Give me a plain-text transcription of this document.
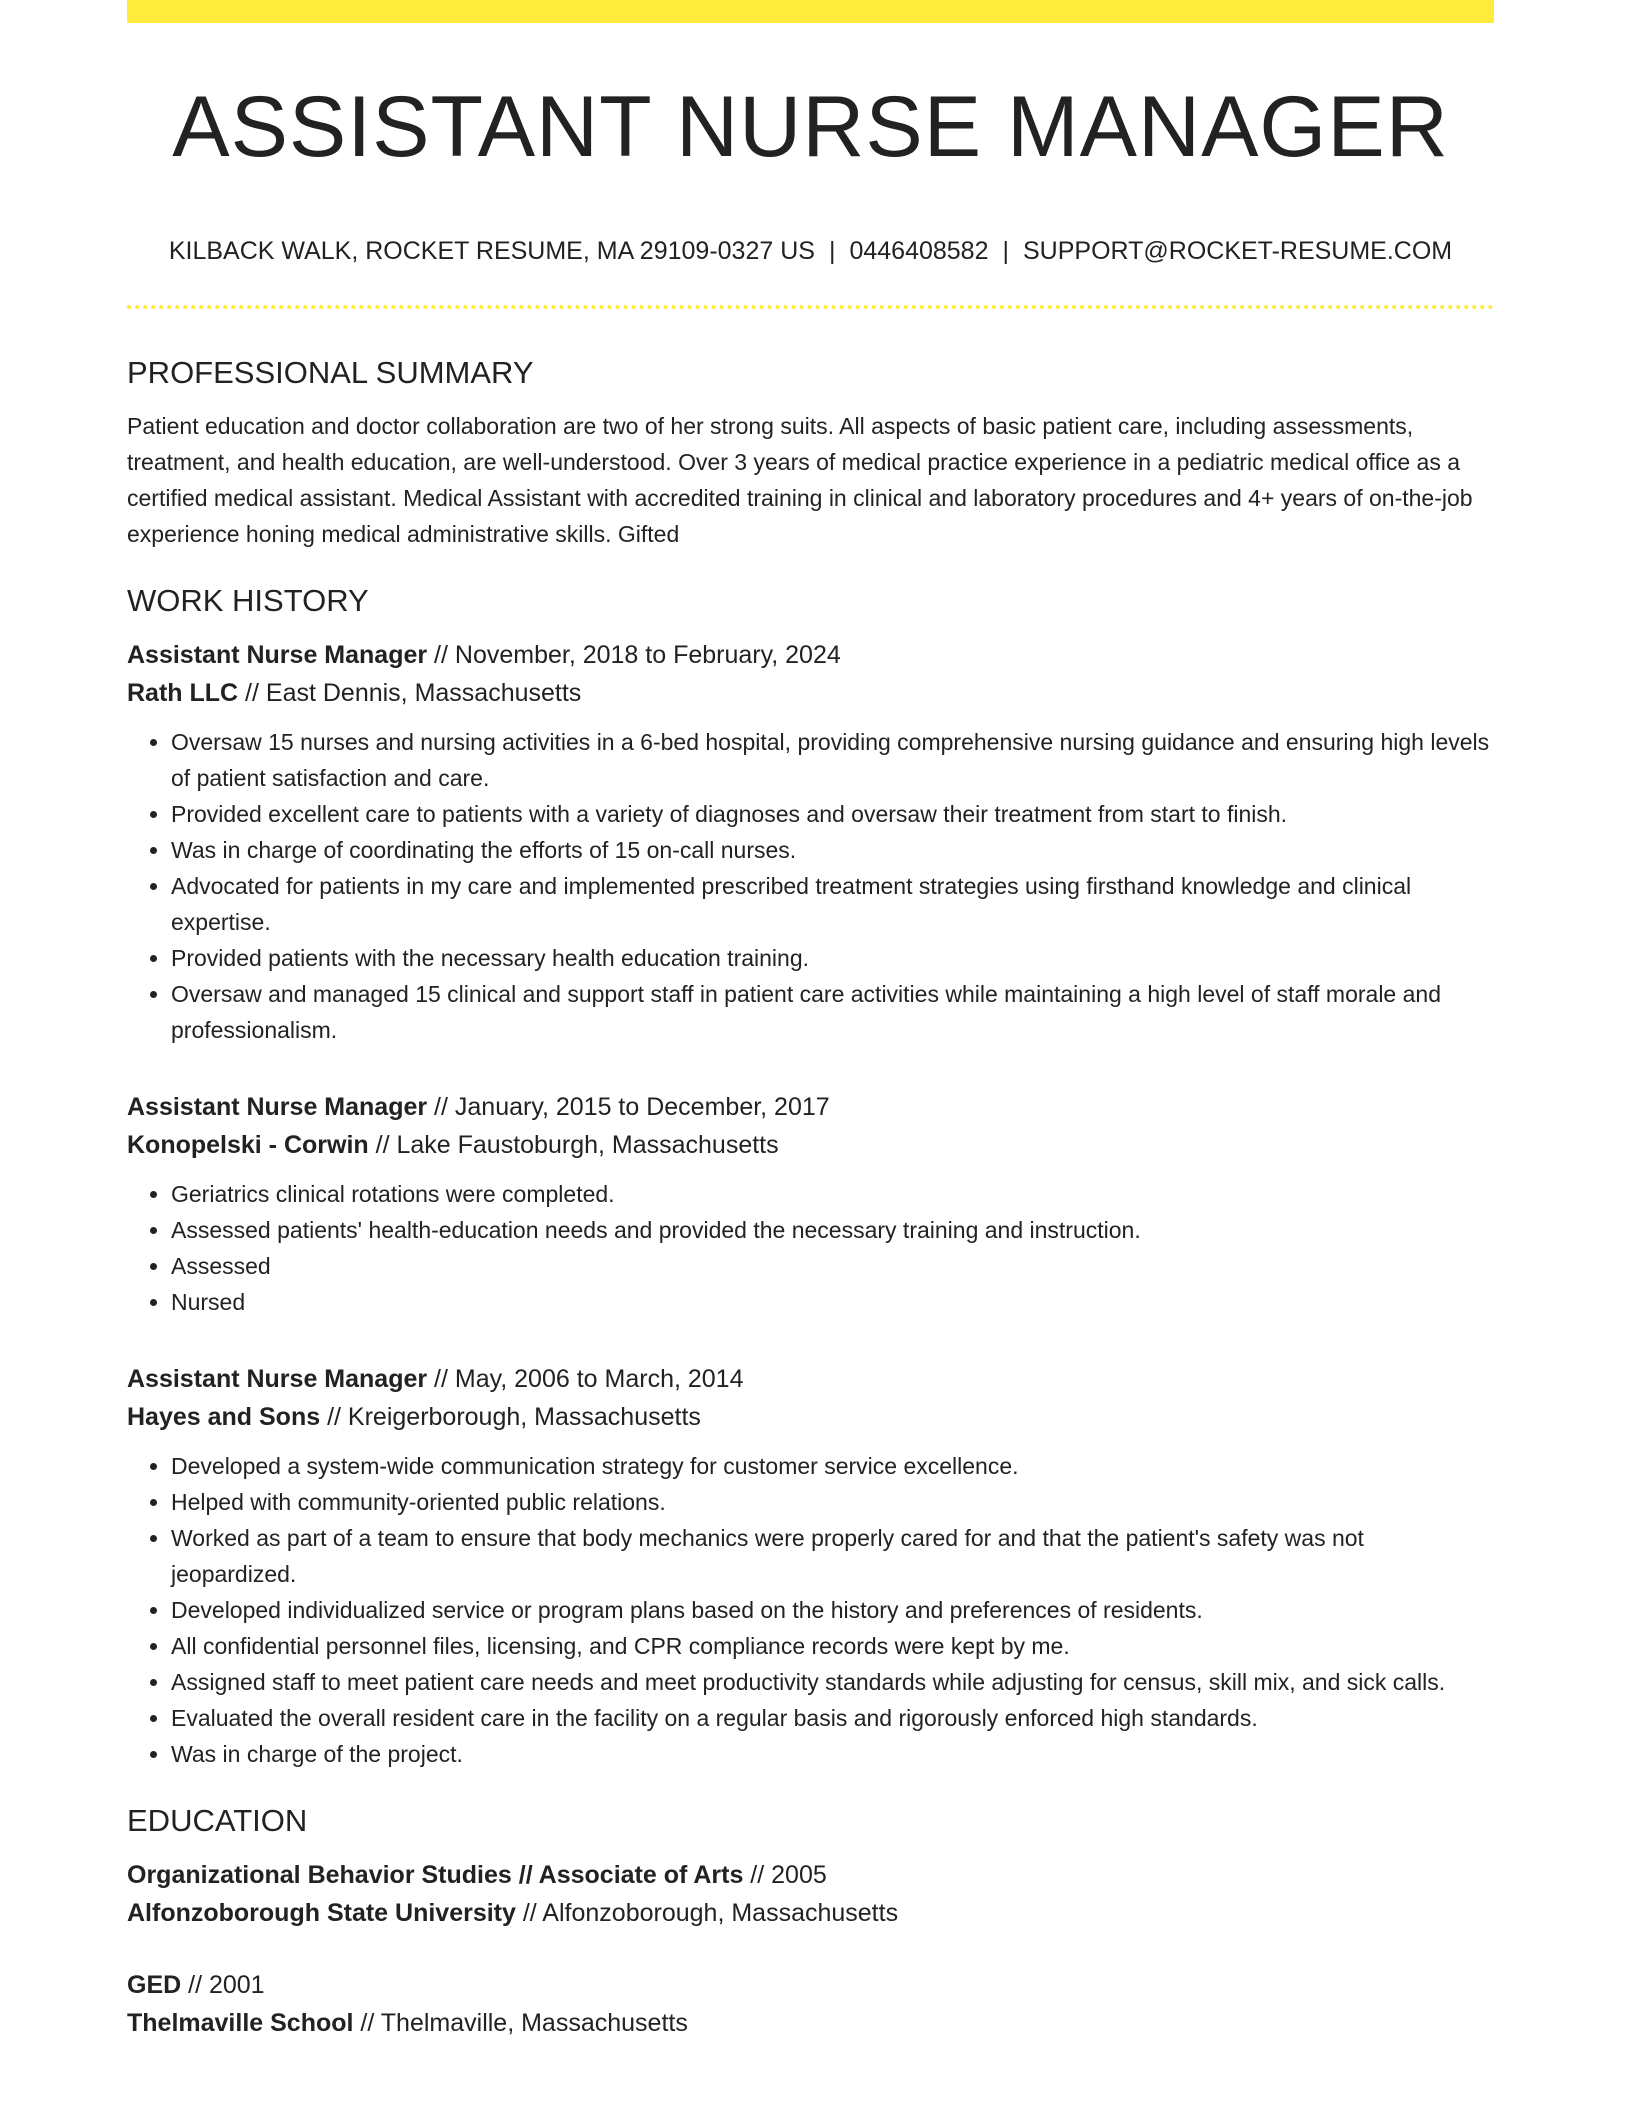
ASSISTANT NURSE MANAGER
KILBACK WALK, ROCKET RESUME, MA 29109-0327 US | 0446408582 | SUPPORT@ROCKET-RESUME.COM
PROFESSIONAL SUMMARY

Patient education and doctor collaboration are two of her strong suits. All aspects of basic patient care, including assessments, treatment, and health education, are well-understood. Over 3 years of medical practice experience in a pediatric medical office as a certified medical assistant. Medical Assistant with accredited training in clinical and laboratory procedures and 4+ years of on-the-job experience honing medical administrative skills. Gifted

WORK HISTORY
Assistant Nurse Manager // November, 2018 to February, 2024
Rath LLC // East Dennis, Massachusetts
• Oversaw 15 nurses and nursing activities in a 6-bed hospital, providing comprehensive nursing guidance and ensuring high levels of patient satisfaction and care.
• Provided excellent care to patients with a variety of diagnoses and oversaw their treatment from start to finish.
• Was in charge of coordinating the efforts of 15 on-call nurses.
• Advocated for patients in my care and implemented prescribed treatment strategies using firsthand knowledge and clinical expertise.
• Provided patients with the necessary health education training.
• Oversaw and managed 15 clinical and support staff in patient care activities while maintaining a high level of staff morale and professionalism.
Assistant Nurse Manager // January, 2015 to December, 2017
Konopelski - Corwin // Lake Faustoburgh, Massachusetts
• Geriatrics clinical rotations were completed.
• Assessed patients' health-education needs and provided the necessary training and instruction.
• Assessed
• Nursed
Assistant Nurse Manager // May, 2006 to March, 2014
Hayes and Sons // Kreigerborough, Massachusetts
• Developed a system-wide communication strategy for customer service excellence.
• Helped with community-oriented public relations.
• Worked as part of a team to ensure that body mechanics were properly cared for and that the patient's safety was not jeopardized.
• Developed individualized service or program plans based on the history and preferences of residents.
• All confidential personnel files, licensing, and CPR compliance records were kept by me.
• Assigned staff to meet patient care needs and meet productivity standards while adjusting for census, skill mix, and sick calls.
• Evaluated the overall resident care in the facility on a regular basis and rigorously enforced high standards.
• Was in charge of the project.
EDUCATION
Organizational Behavior Studies // Associate of Arts // 2005
Alfonzoborough State University // Alfonzoborough, Massachusetts
GED // 2001
Thelmaville School // Thelmaville, Massachusetts
